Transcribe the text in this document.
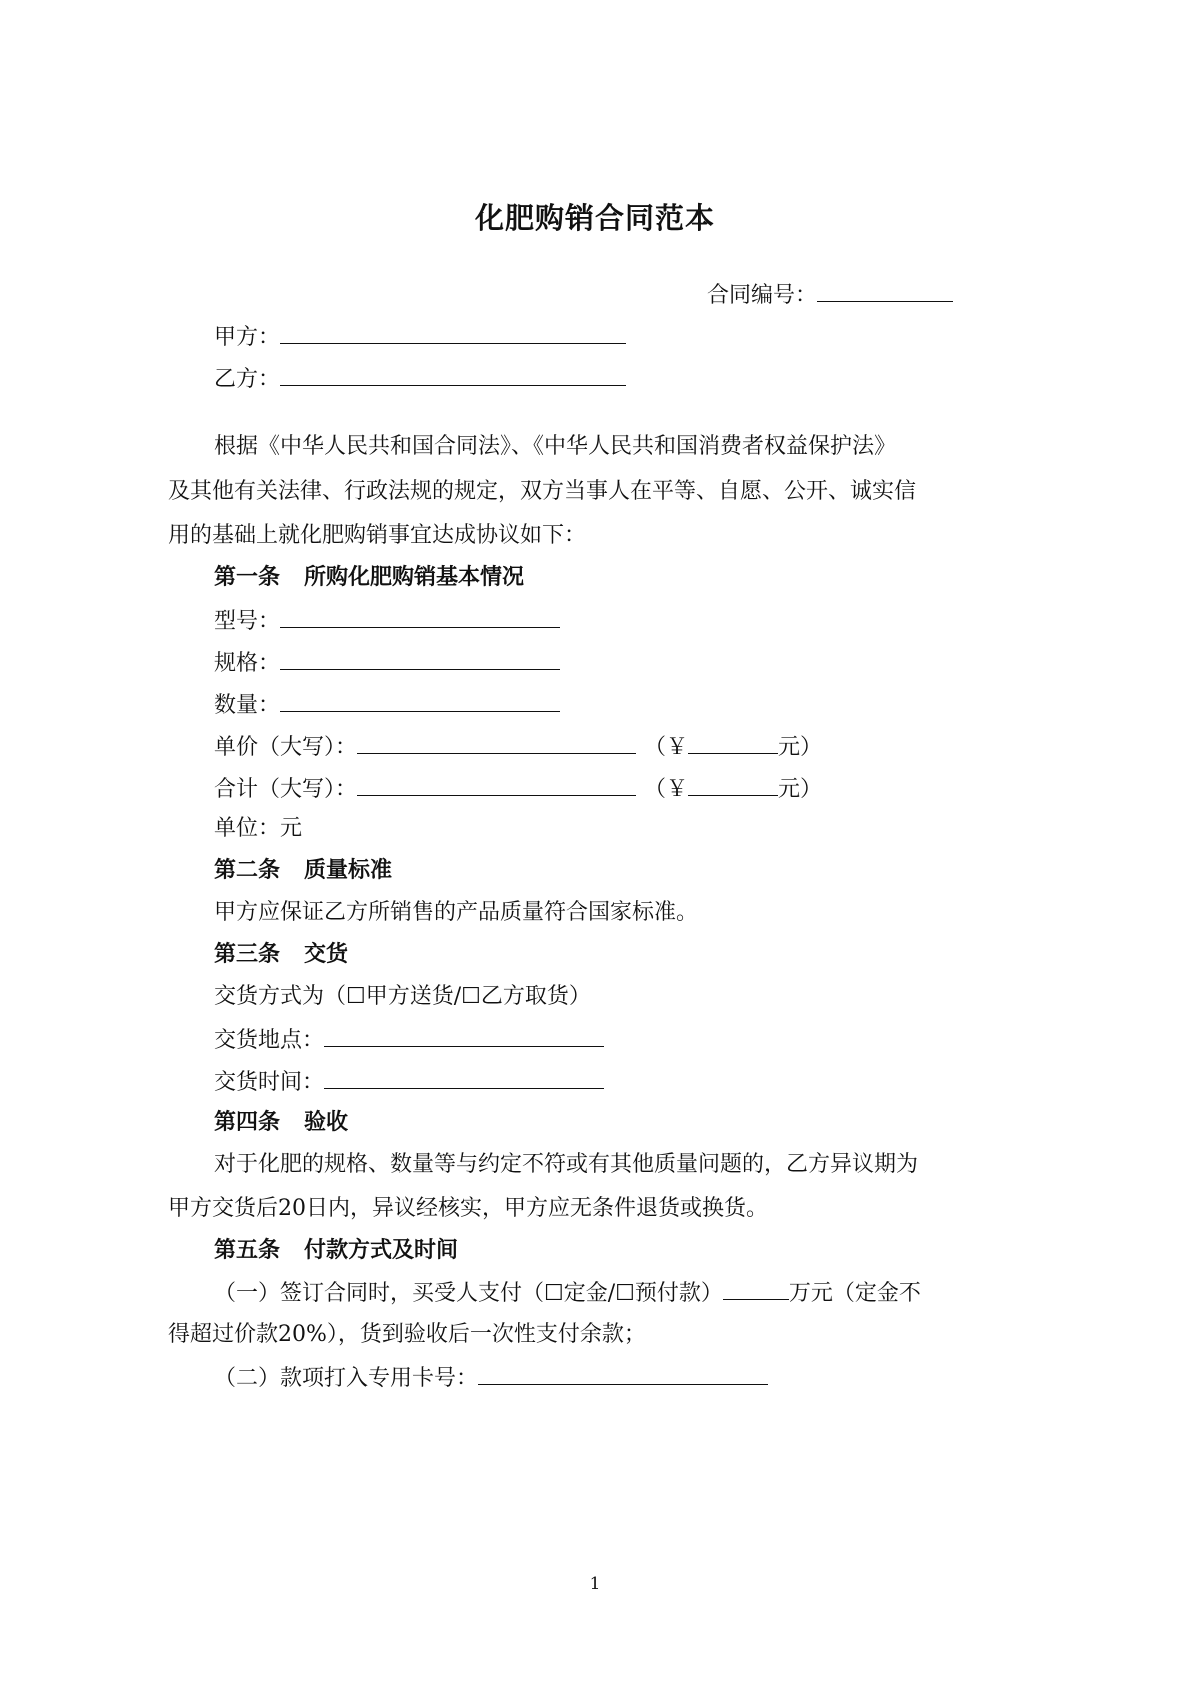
化肥购销合同范本
合同编号：
甲方：
乙方：
根据《中华人民共和国合同法》、《中华人民共和国消费者权益保护法》
及其他有关法律、行政法规的规定，双方当事人在平等、自愿、公开、诚实信
用的基础上就化肥购销事宜达成协议如下：
第一条 所购化肥购销基本情况
型号：
规格：
数量：
单价（大写）：	（￥	元）
合计（大写）：	（￥	元）
单位：元
第二条 质量标准
甲方应保证乙方所销售的产品质量符合国家标准。
第三条 交货
交货方式为（☐甲方送货/☐乙方取货）
交货地点：
交货时间：
第四条 验收
对于化肥的规格、数量等与约定不符或有其他质量问题的，乙方异议期为
甲方交货后20日内，异议经核实，甲方应无条件退货或换货。
第五条 付款方式及时间
（一）签订合同时，买受人支付（☐定金/☐预付款）	万元（定金不
得超过价款20%），货到验收后一次性支付余款；
（二）款项打入专用卡号：
1
